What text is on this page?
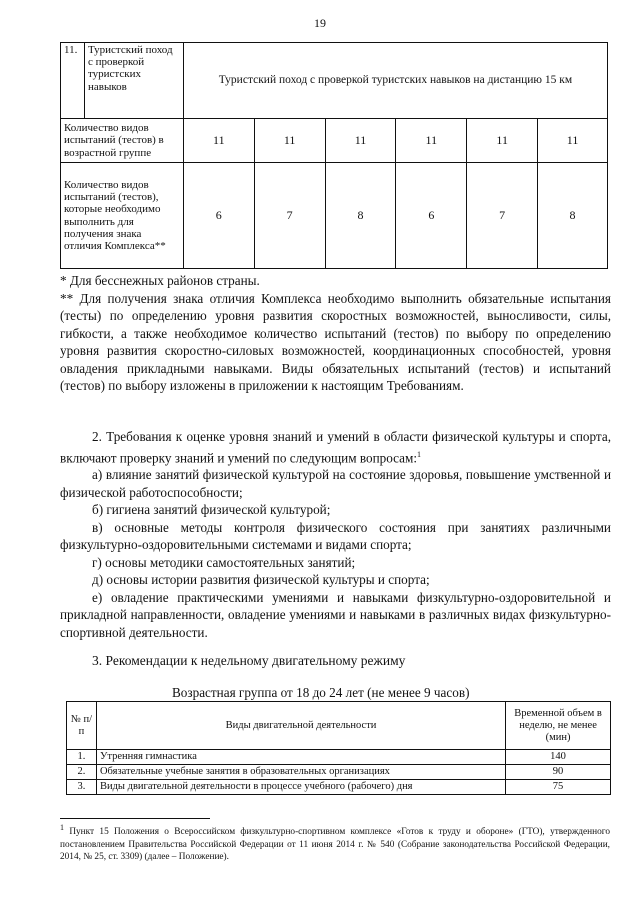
19
11.	Туристский поход с проверкой туристских навыков	Туристский поход с проверкой туристских навыков на дистанцию 15 км					
Количество видов испытаний (тестов) в возрастной группе		11	11	11	11	11	11
Количество видов испытаний (тестов), которые необходимо выполнить для получения знака отличия Комплекса**		6	7	8	6	7	8

* Для бесснежных районов страны.

** Для получения знака отличия Комплекса необходимо выполнить обязательные испытания (тесты) по определению уровня развития скоростных возможностей, выносливости, силы, гибкости, а также необходимое количество испытаний (тестов) по выбору по определению уровня развития скоростно-силовых возможностей, координационных способностей, уровня овладения прикладными навыками. Виды обязательных испытаний (тестов) и испытаний (тестов) по выбору изложены в приложении к настоящим Требованиям.

2. Требования к оценке уровня знаний и умений в области физической культуры и спорта, включают проверку знаний и умений по следующим вопросам:$^1$

а) влияние занятий физической культурой на состояние здоровья, повышение умственной и физической работоспособности;

б) гигиена занятий физической культурой;

в) основные методы контроля физического состояния при занятиях различными физкультурно-оздоровительными системами и видами спорта;

г) основы методики самостоятельных занятий;

д) основы истории развития физической культуры и спорта;

е) овладение практическими умениями и навыками физкультурно-оздоровительной и прикладной направленности, овладение умениями и навыками в различных видах физкультурно-спортивной деятельности.

3. Рекомендации к недельному двигательному режиму
Возрастная группа от 18 до 24 лет (не менее 9 часов)
№ п/п	Виды двигательной деятельности	Временной объем в неделю, не менее (мин)
1.	Утренняя гимнастика	140
2.	Обязательные учебные занятия в образовательных организациях	90
3.	Виды двигательной деятельности в процессе учебного (рабочего) дня	75
$^1$ Пункт 15 Положения о Всероссийском физкультурно-спортивном комплексе «Готов к труду и обороне» (ГТО), утвержденного постановлением Правительства Российской Федерации от 11 июня 2014 г. № 540 (Собрание законодательства Российской Федерации, 2014, № 25, ст. 3309) (далее – Положение).
